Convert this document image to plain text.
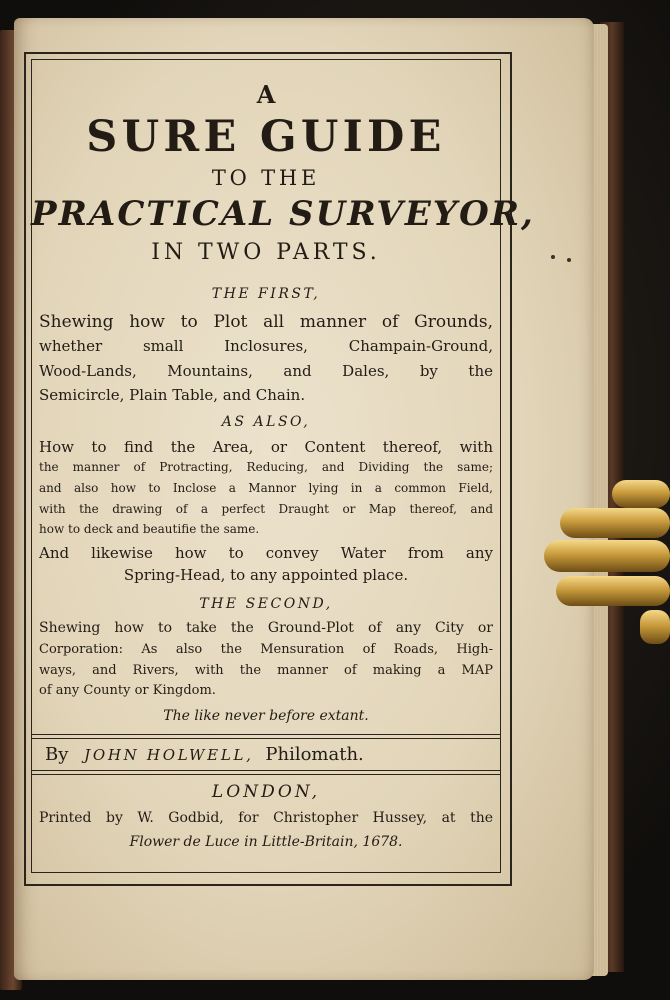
A
SURE GUIDE
TO THE
PRACTICAL SURVEYOR,
IN TWO PARTS.
THE FIRST,
Shewing how to Plot all manner of Grounds,
whether small Inclosures, Champain-Ground,
Wood-Lands, Mountains, and Dales, by the
Semicircle, Plain Table, and Chain.
AS ALSO,
How to find the Area, or Content thereof, with
the manner of Protracting, Reducing, and Dividing the same;
and also how to Inclose a Mannor lying in a common Field,
with the drawing of a perfect Draught or Map thereof, and
how to deck and beautifie the same.
And likewise how to convey Water from any
Spring-Head, to any appointed place.
THE SECOND,
Shewing how to take the Ground-Plot of any City or
Corporation: As also the Mensuration of Roads, High-
ways, and Rivers, with the manner of making a MAP
of any County or Kingdom.
The like never before extant.
By JOHN HOLWELL, Philomath.
LONDON,
Printed by W. Godbid, for Christopher Hussey, at the
Flower de Luce in Little-Britain, 1678.
